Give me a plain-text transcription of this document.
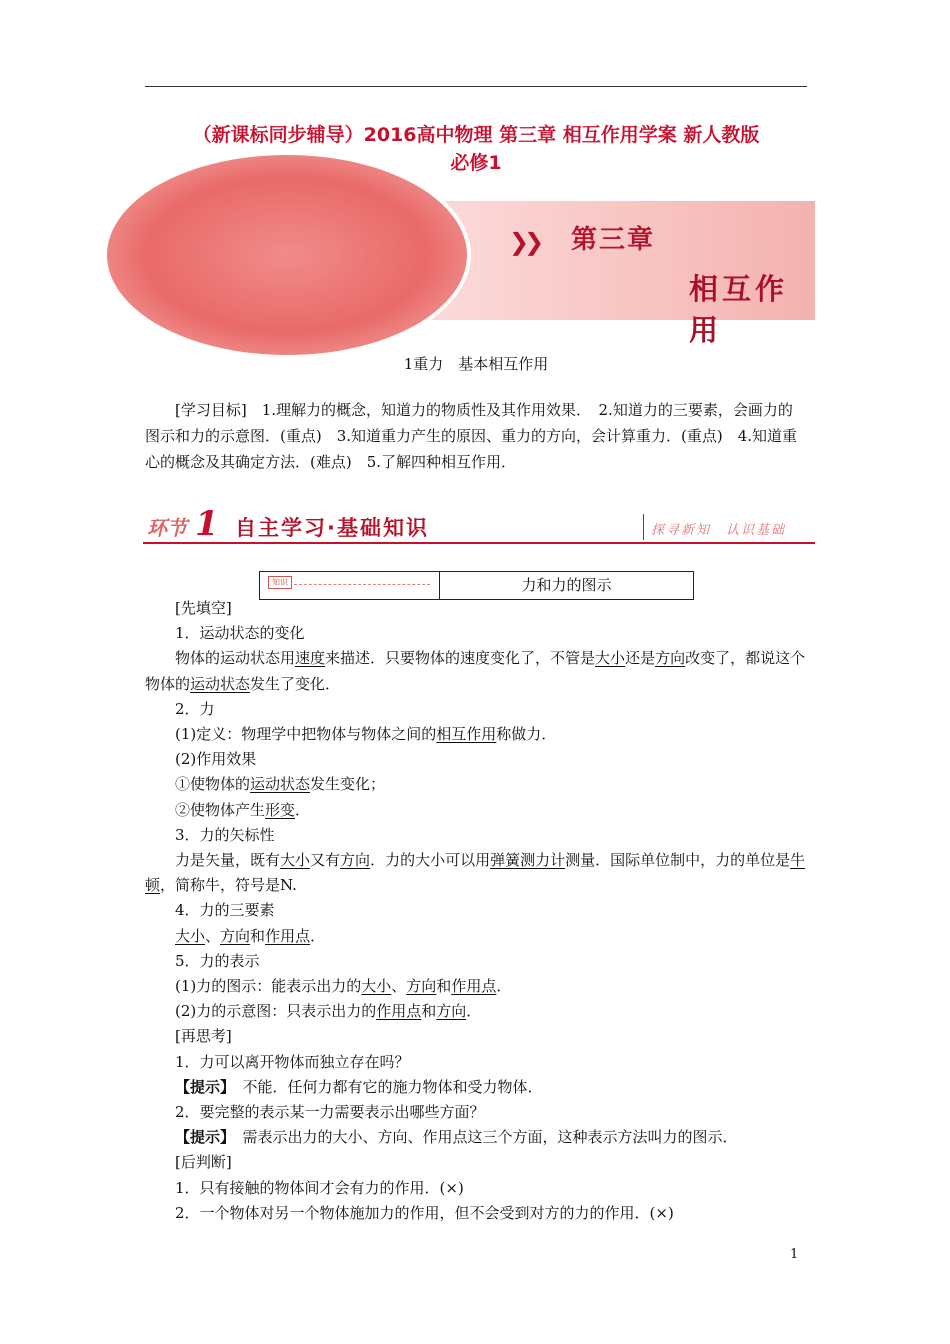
（新课标同步辅导）2016高中物理 第三章 相互作用学案 新人教版
必修1
❯❯ 第三章
相互作用
1重力　基本相互作用
[学习目标]　1.理解力的概念，知道力的物质性及其作用效果．　2.知道力的三要素，会画力的图示和力的示意图．(重点)　3.知道重力产生的原因、重力的方向，会计算重力．(重点)　4.知道重心的概念及其确定方法．(难点)　5.了解四种相互作用．
环节 1 自主学习·基础知识	探寻新知　认识基础
知识	力和力的图示

[先填空]

1．运动状态的变化

物体的运动状态用速度来描述．只要物体的速度变化了，不管是大小还是方向改变了，都说这个物体的运动状态发生了变化．

2．力

(1)定义：物理学中把物体与物体之间的相互作用称做力．

(2)作用效果

①使物体的运动状态发生变化；

②使物体产生形变．

3．力的矢标性

力是矢量，既有大小又有方向．力的大小可以用弹簧测力计测量．国际单位制中，力的单位是牛顿，简称牛，符号是N.

4．力的三要素

大小、方向和作用点．

5．力的表示

(1)力的图示：能表示出力的大小、方向和作用点．

(2)力的示意图：只表示出力的作用点和方向．

[再思考]

1．力可以离开物体而独立存在吗？

【提示】　不能．任何力都有它的施力物体和受力物体．

2．要完整的表示某一力需要表示出哪些方面？

【提示】　需表示出力的大小、方向、作用点这三个方面，这种表示方法叫力的图示．

[后判断]

1．只有接触的物体间才会有力的作用．(×)

2．一个物体对另一个物体施加力的作用，但不会受到对方的力的作用．(×)

1
